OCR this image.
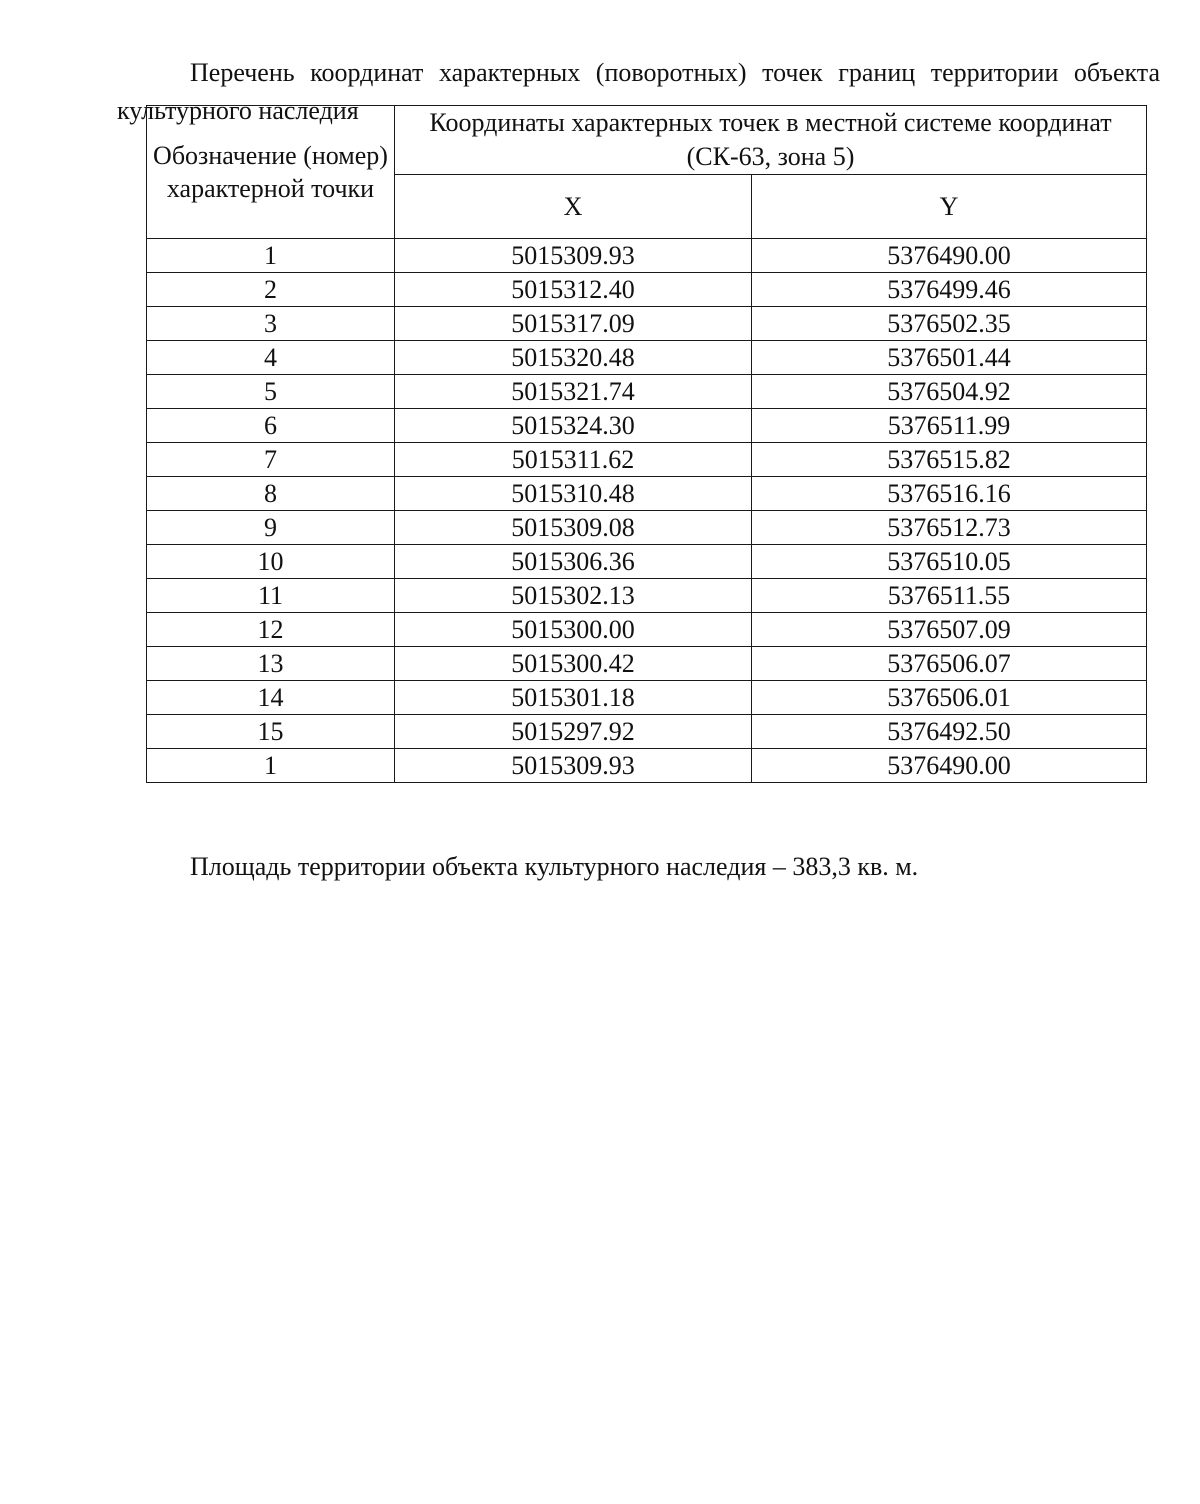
Перечень координат характерных (поворотных) точек границ территории объекта культурного наследия

Обозначение (номер) характерной точки	Координаты характерных точек в местной системе координат (СК-63, зона 5)	
	X	Y
1	5015309.93	5376490.00
2	5015312.40	5376499.46
3	5015317.09	5376502.35
4	5015320.48	5376501.44
5	5015321.74	5376504.92
6	5015324.30	5376511.99
7	5015311.62	5376515.82
8	5015310.48	5376516.16
9	5015309.08	5376512.73
10	5015306.36	5376510.05
11	5015302.13	5376511.55
12	5015300.00	5376507.09
13	5015300.42	5376506.07
14	5015301.18	5376506.01
15	5015297.92	5376492.50
1	5015309.93	5376490.00

Площадь территории объекта культурного наследия – 383,3 кв. м.
